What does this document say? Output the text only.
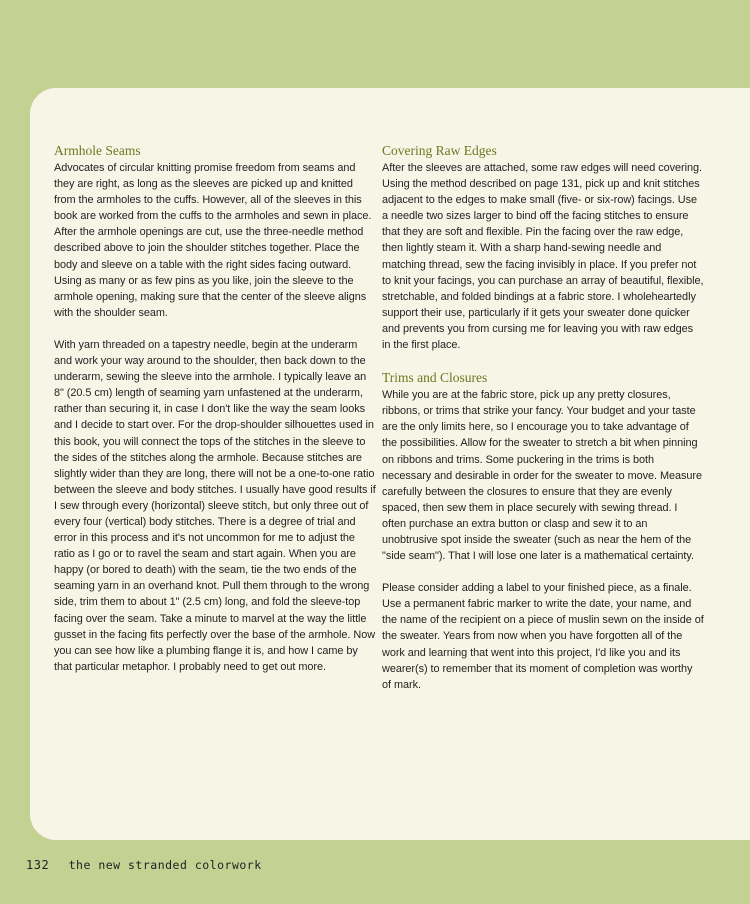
Armhole Seams

Advocates of circular knitting promise freedom from seams and they are right, as long as the sleeves are picked up and knitted from the armholes to the cuffs. However, all of the sleeves in this book are worked from the cuffs to the armholes and sewn in place. After the armhole openings are cut, use the three-needle method described above to join the shoulder stitches together. Place the body and sleeve on a table with the right sides facing outward. Using as many or as few pins as you like, join the sleeve to the armhole opening, making sure that the center of the sleeve aligns with the shoulder seam.

With yarn threaded on a tapestry needle, begin at the underarm and work your way around to the shoulder, then back down to the underarm, sewing the sleeve into the armhole. I typically leave an 8" (20.5 cm) length of seaming yarn unfastened at the underarm, rather than securing it, in case I don't like the way the seam looks and I decide to start over. For the drop-shoulder silhouettes used in this book, you will connect the tops of the stitches in the sleeve to the sides of the stitches along the armhole. Because stitches are slightly wider than they are long, there will not be a one-to-one ratio between the sleeve and body stitches. I usually have good results if I sew through every (horizontal) sleeve stitch, but only three out of every four (vertical) body stitches. There is a degree of trial and error in this process and it's not uncommon for me to adjust the ratio as I go or to ravel the seam and start again. When you are happy (or bored to death) with the seam, tie the two ends of the seaming yarn in an overhand knot. Pull them through to the wrong side, trim them to about 1" (2.5 cm) long, and fold the sleeve-top facing over the seam. Take a minute to marvel at the way the little gusset in the facing fits perfectly over the base of the armhole. Now you can see how like a plumbing flange it is, and how I came by that particular metaphor. I probably need to get out more.

Covering Raw Edges

After the sleeves are attached, some raw edges will need covering. Using the method described on page 131, pick up and knit stitches adjacent to the edges to make small (five- or six-row) facings. Use a needle two sizes larger to bind off the facing stitches to ensure that they are soft and flexible. Pin the facing over the raw edge, then lightly steam it. With a sharp hand-sewing needle and matching thread, sew the facing invisibly in place. If you prefer not to knit your facings, you can purchase an array of beautiful, flexible, stretchable, and folded bindings at a fabric store. I wholeheartedly support their use, particularly if it gets your sweater done quicker and prevents you from cursing me for leaving you with raw edges in the first place.

Trims and Closures

While you are at the fabric store, pick up any pretty closures, ribbons, or trims that strike your fancy. Your budget and your taste are the only limits here, so I encourage you to take advantage of the possibilities. Allow for the sweater to stretch a bit when pinning on ribbons and trims. Some puckering in the trims is both necessary and desirable in order for the sweater to move. Measure carefully between the closures to ensure that they are evenly spaced, then sew them in place securely with sewing thread. I often purchase an extra button or clasp and sew it to an unobtrusive spot inside the sweater (such as near the hem of the "side seam"). That I will lose one later is a mathematical certainty.

Please consider adding a label to your finished piece, as a finale. Use a permanent fabric marker to write the date, your name, and the name of the recipient on a piece of muslin sewn on the inside of the sweater. Years from now when you have forgotten all of the work and learning that went into this project, I'd like you and its wearer(s) to remember that its moment of completion was worthy of mark.

132 the new stranded colorwork
